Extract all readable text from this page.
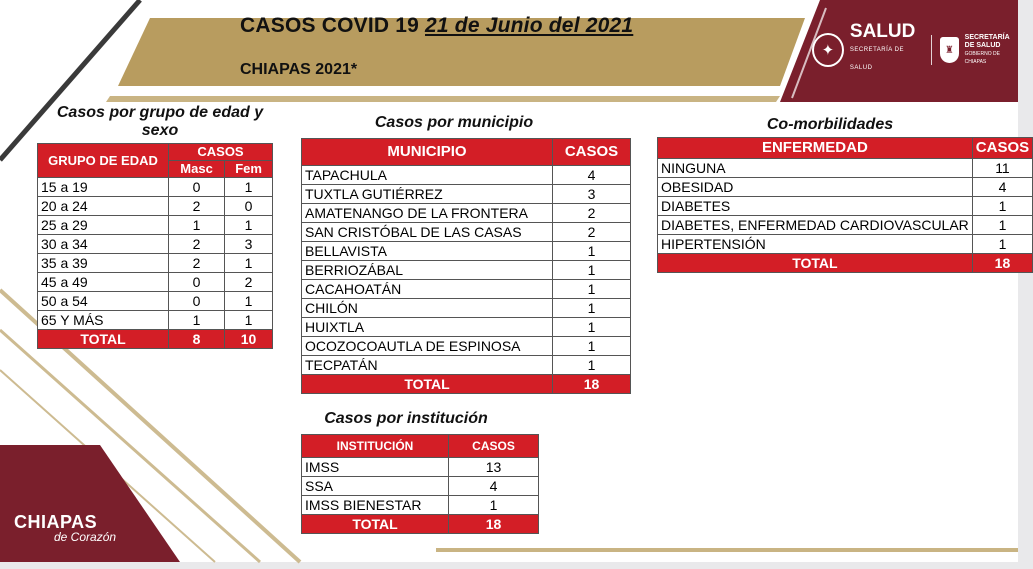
CASOS COVID 19 21 de Junio del 2021
CHIAPAS 2021*
✦
SALUD
SECRETARÍA DE SALUD
♜
SECRETARÍA DE SALUD
GOBIERNO DE CHIAPAS
CHIAPAS
de Corazón
Casos por grupo de edad y sexo	Casos por municipio	Co-morbilidades
Casos por institución
GRUPO DE EDAD	CASOS	
	Masc	Fem
15 a 19	0	1
20 a 24	2	0
25 a 29	1	1
30 a 34	2	3
35 a 39	2	1
45 a 49	0	2
50 a 54	0	1
65 Y MÁS	1	1
TOTAL	8	10
MUNICIPIO	CASOS
TAPACHULA	4
TUXTLA GUTIÉRREZ	3
AMATENANGO DE LA FRONTERA	2
SAN CRISTÓBAL DE LAS CASAS	2
BELLAVISTA	1
BERRIOZÁBAL	1
CACAHOATÁN	1
CHILÓN	1
HUIXTLA	1
OCOZOCOAUTLA DE ESPINOSA	1
TECPATÁN	1
TOTAL	18
ENFERMEDAD	CASOS
NINGUNA	11
OBESIDAD	4
DIABETES	1
DIABETES, ENFERMEDAD CARDIOVASCULAR	1
HIPERTENSIÓN	1
TOTAL	18
INSTITUCIÓN	CASOS
IMSS	13
SSA	4
IMSS BIENESTAR	1
TOTAL	18
